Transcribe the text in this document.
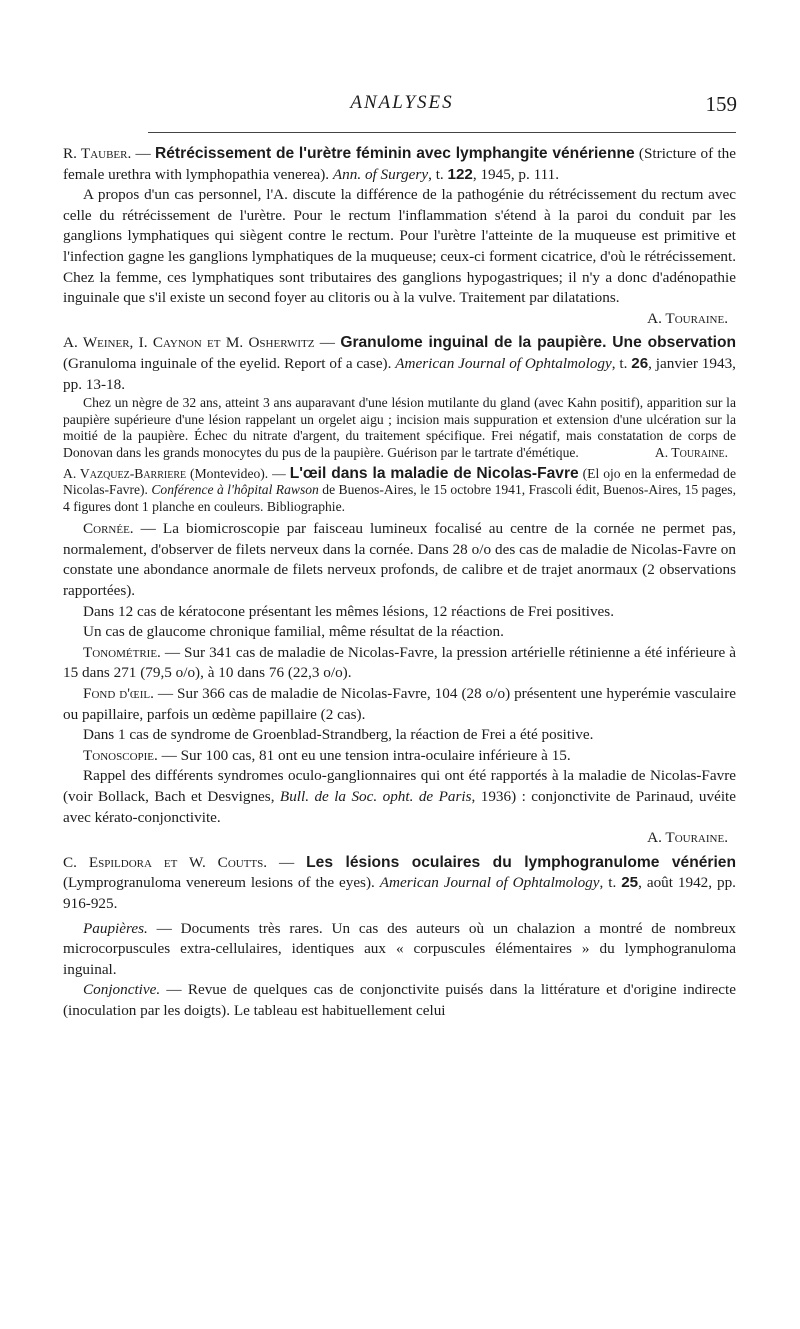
ANALYSES	159

R. Tauber. — Rétrécissement de l'urètre féminin avec lymphangite vénérienne (Stricture of the female urethra with lymphopathia venerea). Ann. of Surgery, t. 122, 1945, p. 111.

A propos d'un cas personnel, l'A. discute la différence de la pathogénie du rétrécissement du rectum avec celle du rétrécissement de l'urètre. Pour le rectum l'inflammation s'étend à la paroi du conduit par les ganglions lymphatiques qui siègent contre le rectum. Pour l'urètre l'atteinte de la muqueuse est primitive et l'infection gagne les ganglions lymphatiques de la muqueuse; ceux-ci forment cicatrice, d'où le rétrécissement. Chez la femme, ces lymphatiques sont tributaires des ganglions hypogastriques; il n'y a donc d'adénopathie inguinale que s'il existe un second foyer au clitoris ou à la vulve. Traitement par dilatations.

A. Touraine.

A. Weiner, I. Caynon et M. Osherwitz — Granulome inguinal de la paupière. Une observation (Granuloma inguinale of the eyelid. Report of a case). American Journal of Ophtalmology, t. 26, janvier 1943, pp. 13-18.

Chez un nègre de 32 ans, atteint 3 ans auparavant d'une lésion mutilante du gland (avec Kahn positif), apparition sur la paupière supérieure d'une lésion rappelant un orgelet aigu ; incision mais suppuration et extension d'une ulcération sur la moitié de la paupière. Échec du nitrate d'argent, du traitement spécifique. Frei négatif, mais constatation de corps de Donovan dans les grands monocytes du pus de la paupière. Guérison par le tartrate d'émétique.	A. Touraine.

A. Vazquez-Barriere (Montevideo). — L'œil dans la maladie de Nicolas-Favre (El ojo en la enfermedad de Nicolas-Favre). Conférence à l'hôpital Rawson de Buenos-Aires, le 15 octobre 1941, Frascoli édit, Buenos-Aires, 15 pages, 4 figures dont 1 planche en couleurs. Bibliographie.

Cornée. — La biomicroscopie par faisceau lumineux focalisé au centre de la cornée ne permet pas, normalement, d'observer de filets nerveux dans la cornée. Dans 28 o/o des cas de maladie de Nicolas-Favre on constate une abondance anormale de filets nerveux profonds, de calibre et de trajet anormaux (2 observations rapportées).

Dans 12 cas de kératocone présentant les mêmes lésions, 12 réactions de Frei positives.

Un cas de glaucome chronique familial, même résultat de la réaction.

Tonométrie. — Sur 341 cas de maladie de Nicolas-Favre, la pression artérielle rétinienne a été inférieure à 15 dans 271 (79,5 o/o), à 10 dans 76 (22,3 o/o).

Fond d'œil. — Sur 366 cas de maladie de Nicolas-Favre, 104 (28 o/o) présentent une hyperémie vasculaire ou papillaire, parfois un œdème papillaire (2 cas).

Dans 1 cas de syndrome de Groenblad-Strandberg, la réaction de Frei a été positive.

Tonoscopie. — Sur 100 cas, 81 ont eu une tension intra-oculaire inférieure à 15.

Rappel des différents syndromes oculo-ganglionnaires qui ont été rapportés à la maladie de Nicolas-Favre (voir Bollack, Bach et Desvignes, Bull. de la Soc. opht. de Paris, 1936) : conjonctivite de Parinaud, uvéite avec kérato-conjonctivite.

A. Touraine.

C. Espildora et W. Coutts. — Les lésions oculaires du lymphogranulome vénérien (Lymprogranuloma venereum lesions of the eyes). American Journal of Ophtalmology, t. 25, août 1942, pp. 916-925.

Paupières. — Documents très rares. Un cas des auteurs où un chalazion a montré de nombreux microcorpuscules extra-cellulaires, identiques aux « corpuscules élémentaires » du lymphogranuloma inguinal.

Conjonctive. — Revue de quelques cas de conjonctivite puisés dans la littérature et d'origine indirecte (inoculation par les doigts). Le tableau est habituellement celui
